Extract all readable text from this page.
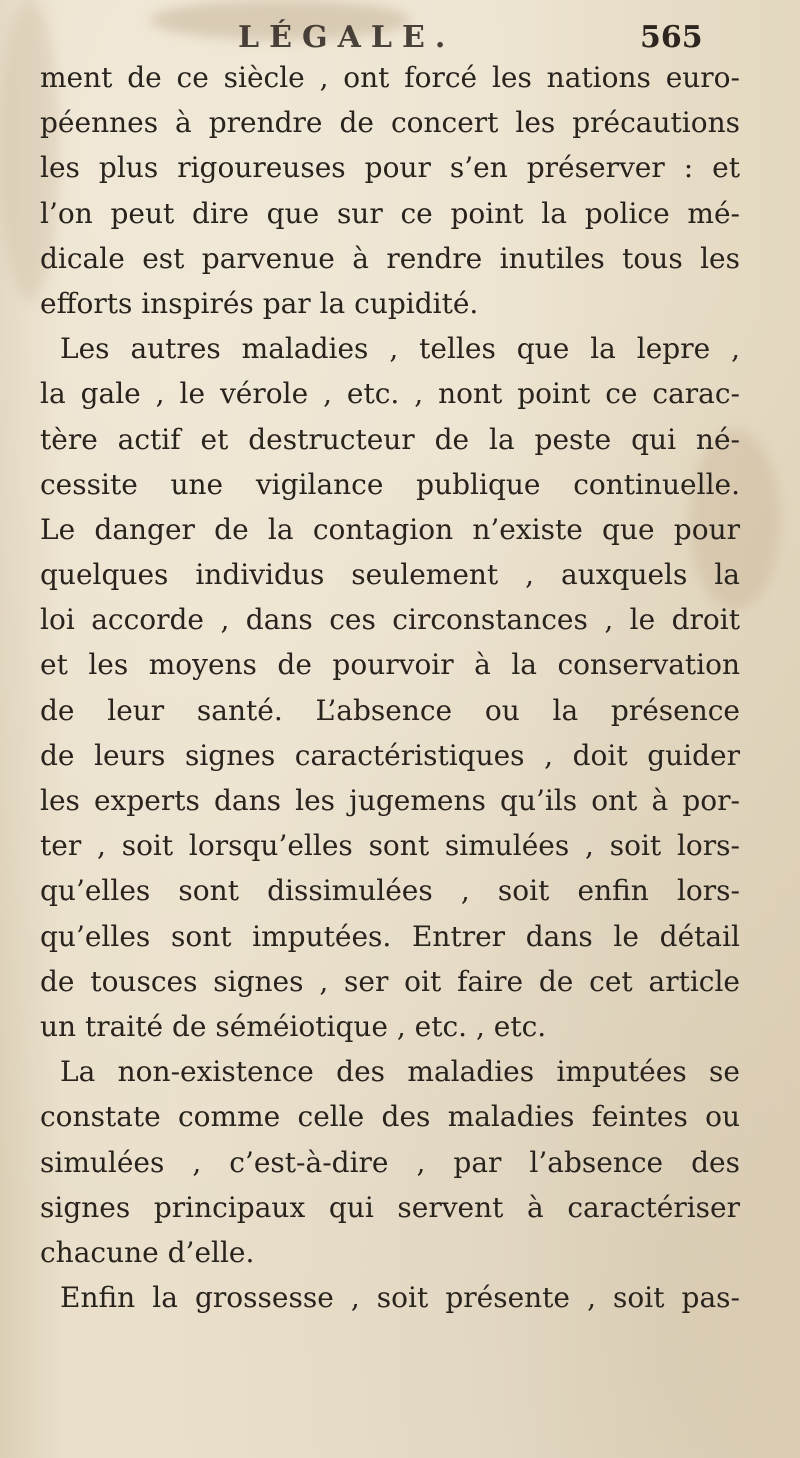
LÉGALE.	565
ment de ce siècle , ont forcé les nations euro-
péennes à prendre de concert les précautions
les plus rigoureuses pour s’en préserver : et
l’on peut dire que sur ce point la police mé-
dicale est parvenue à rendre inutiles tous les
efforts inspirés par la cupidité.
Les autres maladies , telles que la lepre ,
la gale , le vérole , etc. , nont point ce carac-
tère actif et destructeur de la peste qui né-
cessite une vigilance publique continuelle.
Le danger de la contagion n’existe que pour
quelques individus seulement , auxquels la
loi accorde , dans ces circonstances , le droit
et les moyens de pourvoir à la conservation
de leur santé. L’absence ou la présence
de leurs signes caractéristiques , doit guider
les experts dans les jugemens qu’ils ont à por-
ter , soit lorsqu’elles sont simulées , soit lors-
qu’elles sont dissimulées , soit enfin lors-
qu’elles sont imputées. Entrer dans le détail
de tousces signes , ser oit faire de cet article
un traité de séméiotique , etc. , etc.
La non-existence des maladies imputées se
constate comme celle des maladies feintes ou
simulées , c’est-à-dire , par l’absence des
signes principaux qui servent à caractériser
chacune d’elle.
Enfin la grossesse , soit présente , soit pas-
